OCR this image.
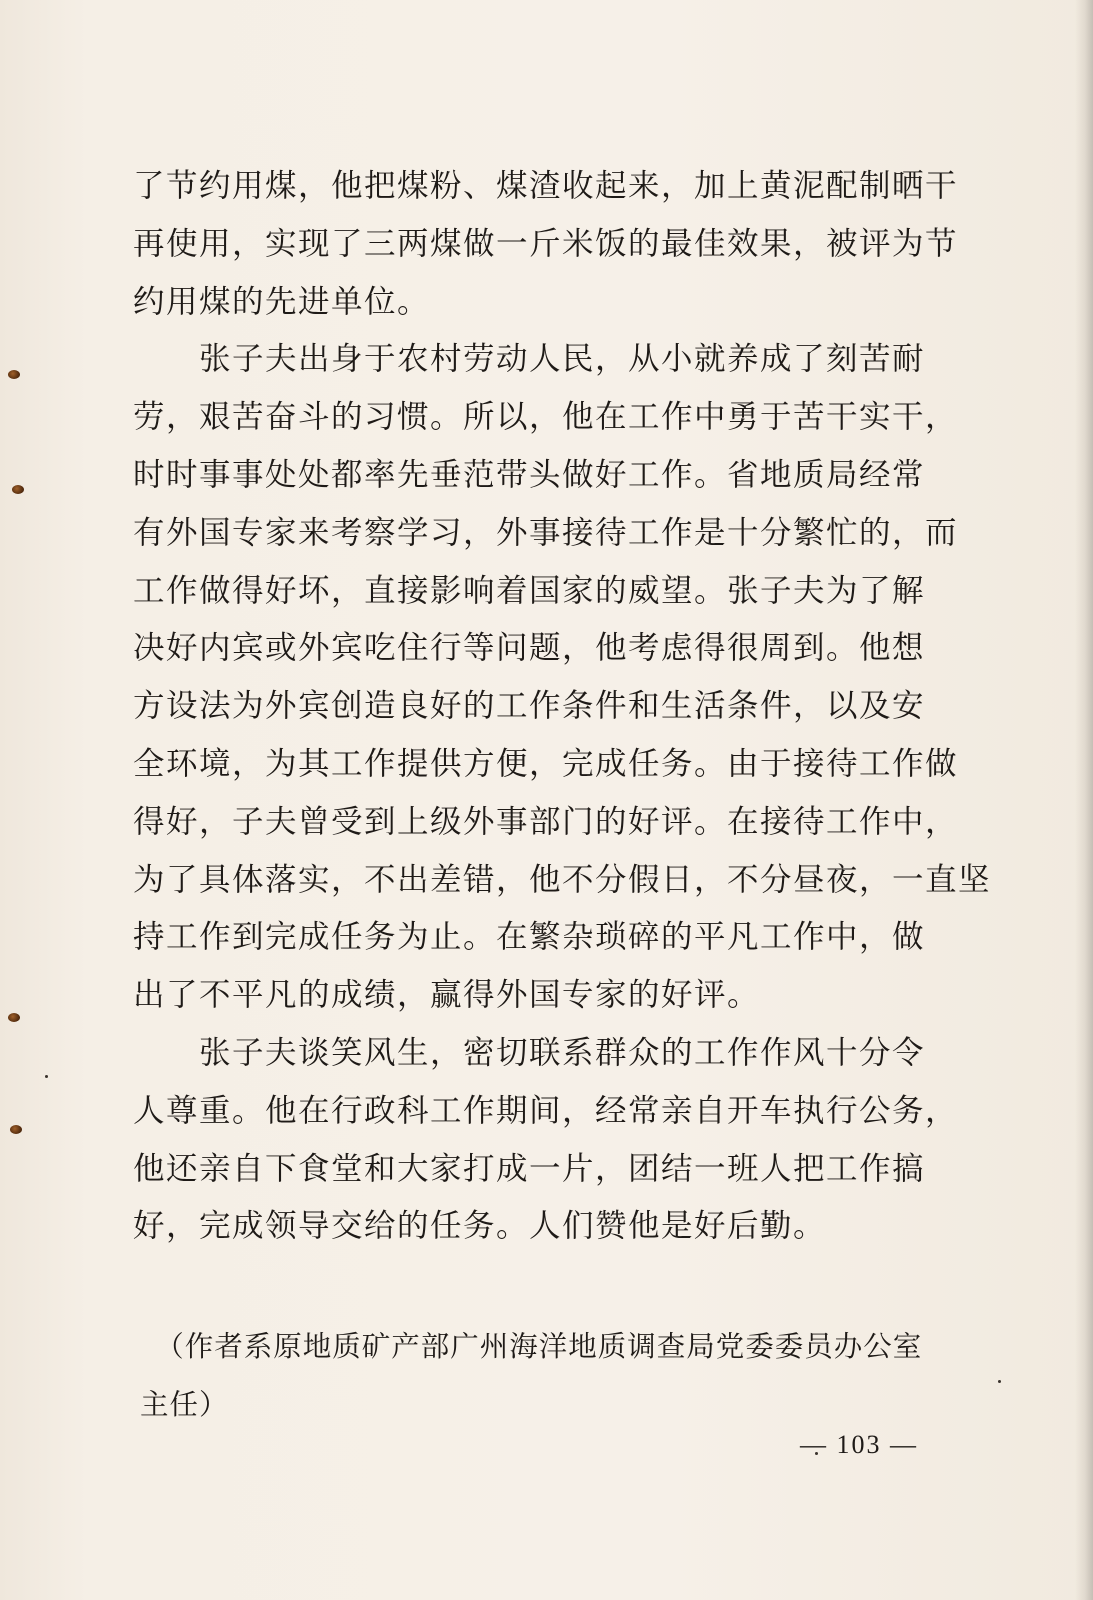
了节约用煤，他把煤粉、煤渣收起来，加上黄泥配制晒干
再使用，实现了三两煤做一斤米饭的最佳效果，被评为节
约用煤的先进单位。
　　张子夫出身于农村劳动人民，从小就养成了刻苦耐
劳，艰苦奋斗的习惯。所以，他在工作中勇于苦干实干，
时时事事处处都率先垂范带头做好工作。省地质局经常
有外国专家来考察学习，外事接待工作是十分繁忙的，而
工作做得好坏，直接影响着国家的威望。张子夫为了解
决好内宾或外宾吃住行等问题，他考虑得很周到。他想
方设法为外宾创造良好的工作条件和生活条件，以及安
全环境，为其工作提供方便，完成任务。由于接待工作做
得好，子夫曾受到上级外事部门的好评。在接待工作中，
为了具体落实，不出差错，他不分假日，不分昼夜，一直坚
持工作到完成任务为止。在繁杂琐碎的平凡工作中，做
出了不平凡的成绩，赢得外国专家的好评。
　　张子夫谈笑风生，密切联系群众的工作作风十分令
人尊重。他在行政科工作期间，经常亲自开车执行公务，
他还亲自下食堂和大家打成一片，团结一班人把工作搞
好，完成领导交给的任务。人们赞他是好后勤。
　（作者系原地质矿产部广州海洋地质调查局党委委员办公室
主任）
— 103 —
